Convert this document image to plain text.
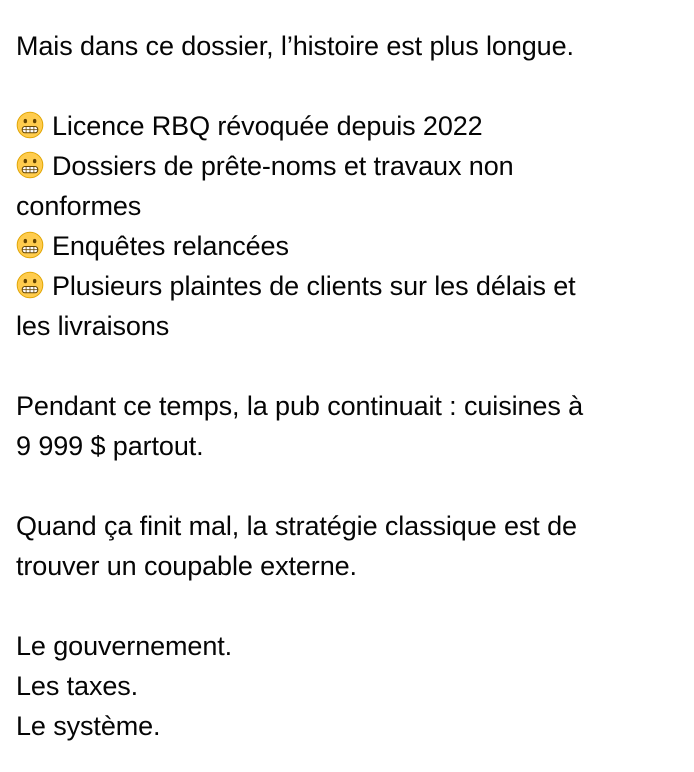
Mais dans ce dossier, l’histoire est plus longue.

Licence RBQ révoquée depuis 2022
Dossiers de prête-noms et travaux non
conformes
Enquêtes relancées
Plusieurs plaintes de clients sur les délais et
les livraisons

Pendant ce temps, la pub continuait : cuisines à
9 999 $ partout.

Quand ça finit mal, la stratégie classique est de
trouver un coupable externe.

Le gouvernement.
Les taxes.
Le système.
